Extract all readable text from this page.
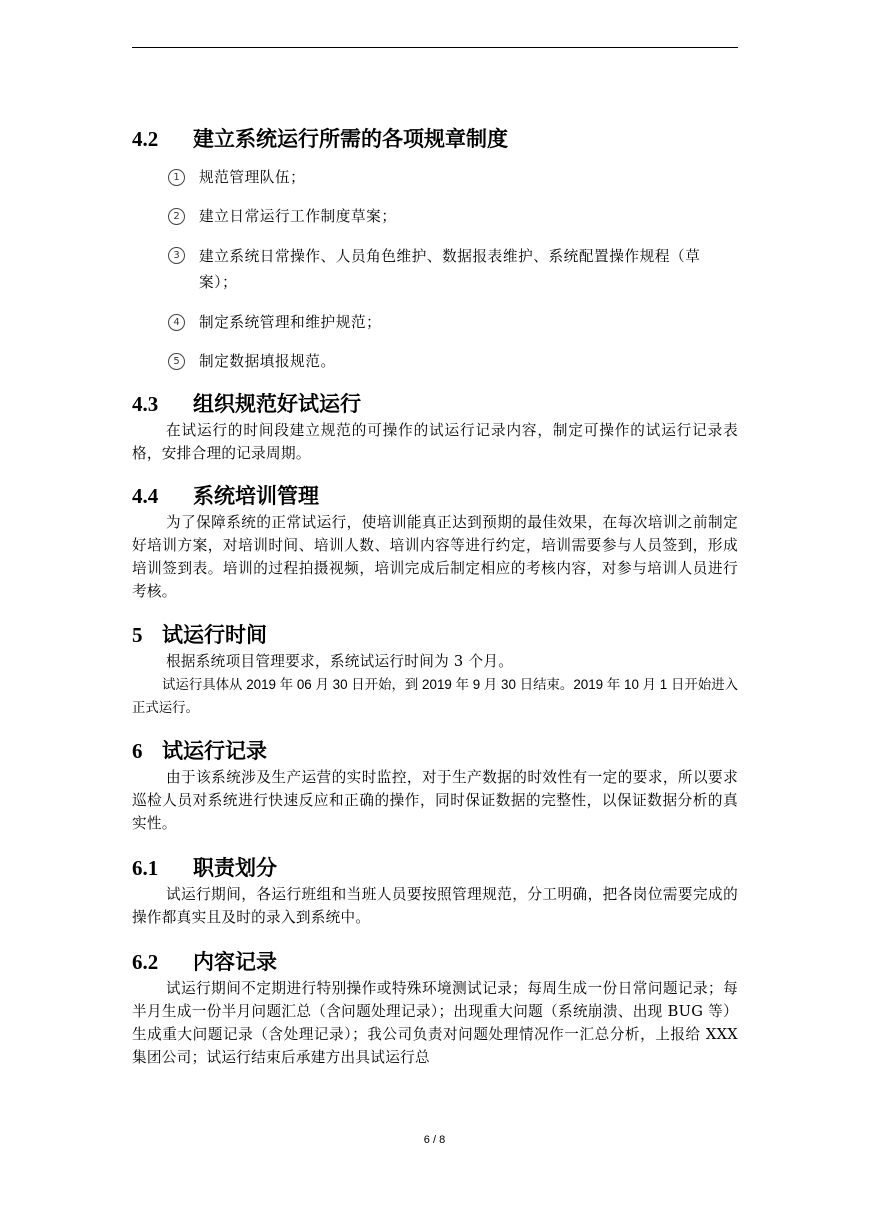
4.2 建立系统运行所需的各项规章制度
1	规范管理队伍；
2	建立日常运行工作制度草案；
3	建立系统日常操作、人员角色维护、数据报表维护、系统配置操作规程（草案）；
4	制定系统管理和维护规范；
5	制定数据填报规范。
4.3 组织规范好试运行

在试运行的时间段建立规范的可操作的试运行记录内容，制定可操作的试运行记录表格，安排合理的记录周期。

4.4 系统培训管理

为了保障系统的正常试运行，使培训能真正达到预期的最佳效果，在每次培训之前制定好培训方案，对培训时间、培训人数、培训内容等进行约定，培训需要参与人员签到，形成培训签到表。培训的过程拍摄视频，培训完成后制定相应的考核内容，对参与培训人员进行考核。

5 试运行时间

根据系统项目管理要求，系统试运行时间为 3 个月。

试运行具体从 2019 年 06 月 30 日开始，到 2019 年 9 月 30 日结束。2019 年 10 月 1 日开始进入正式运行。

6 试运行记录

由于该系统涉及生产运营的实时监控，对于生产数据的时效性有一定的要求，所以要求巡检人员对系统进行快速反应和正确的操作，同时保证数据的完整性，以保证数据分析的真实性。

6.1 职责划分

试运行期间，各运行班组和当班人员要按照管理规范，分工明确，把各岗位需要完成的操作都真实且及时的录入到系统中。

6.2 内容记录

试运行期间不定期进行特别操作或特殊环境测试记录；每周生成一份日常问题记录；每半月生成一份半月问题汇总（含问题处理记录）；出现重大问题（系统崩溃、出现 BUG 等）生成重大问题记录（含处理记录）；我公司负责对问题处理情况作一汇总分析，上报给 XXX 集团公司；试运行结束后承建方出具试运行总

6 / 8
